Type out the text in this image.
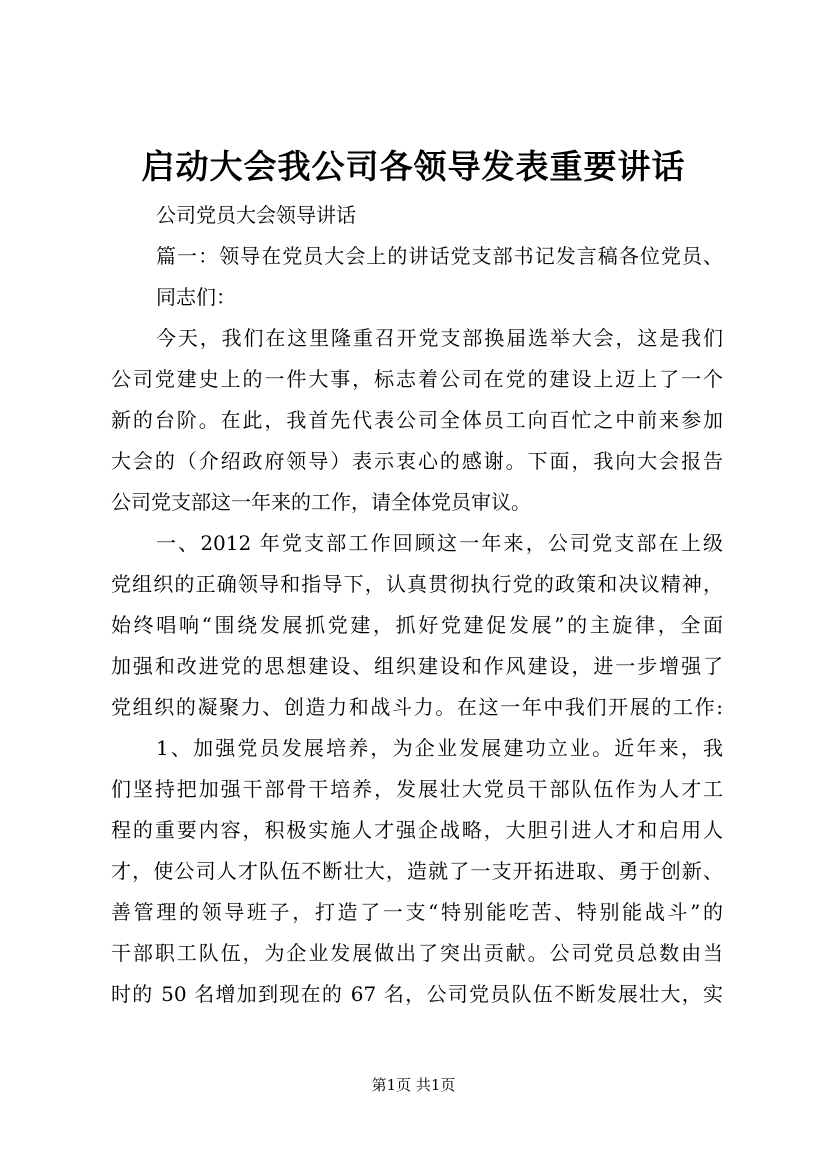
启动大会我公司各领导发表重要讲话
公司党员大会领导讲话
篇一：领导在党员大会上的讲话党支部书记发言稿各位党员、
同志们：
今天，我们在这里隆重召开党支部换届选举大会，这是我们
公司党建史上的一件大事，标志着公司在党的建设上迈上了一个
新的台阶。在此，我首先代表公司全体员工向百忙之中前来参加
大会的（介绍政府领导）表示衷心的感谢。下面，我向大会报告
公司党支部这一年来的工作，请全体党员审议。
一、2012 年党支部工作回顾这一年来，公司党支部在上级
党组织的正确领导和指导下，认真贯彻执行党的政策和决议精神，
始终唱响“围绕发展抓党建，抓好党建促发展”的主旋律，全面
加强和改进党的思想建设、组织建设和作风建设，进一步增强了
党组织的凝聚力、创造力和战斗力。在这一年中我们开展的工作:
1、加强党员发展培养，为企业发展建功立业。近年来，我
们坚持把加强干部骨干培养，发展壮大党员干部队伍作为人才工
程的重要内容，积极实施人才强企战略，大胆引进人才和启用人
才，使公司人才队伍不断壮大，造就了一支开拓进取、勇于创新、
善管理的领导班子，打造了一支“特别能吃苦、特别能战斗”的
干部职工队伍，为企业发展做出了突出贡献。公司党员总数由当
时的 50 名增加到现在的 67 名，公司党员队伍不断发展壮大，实
第1页 共1页
